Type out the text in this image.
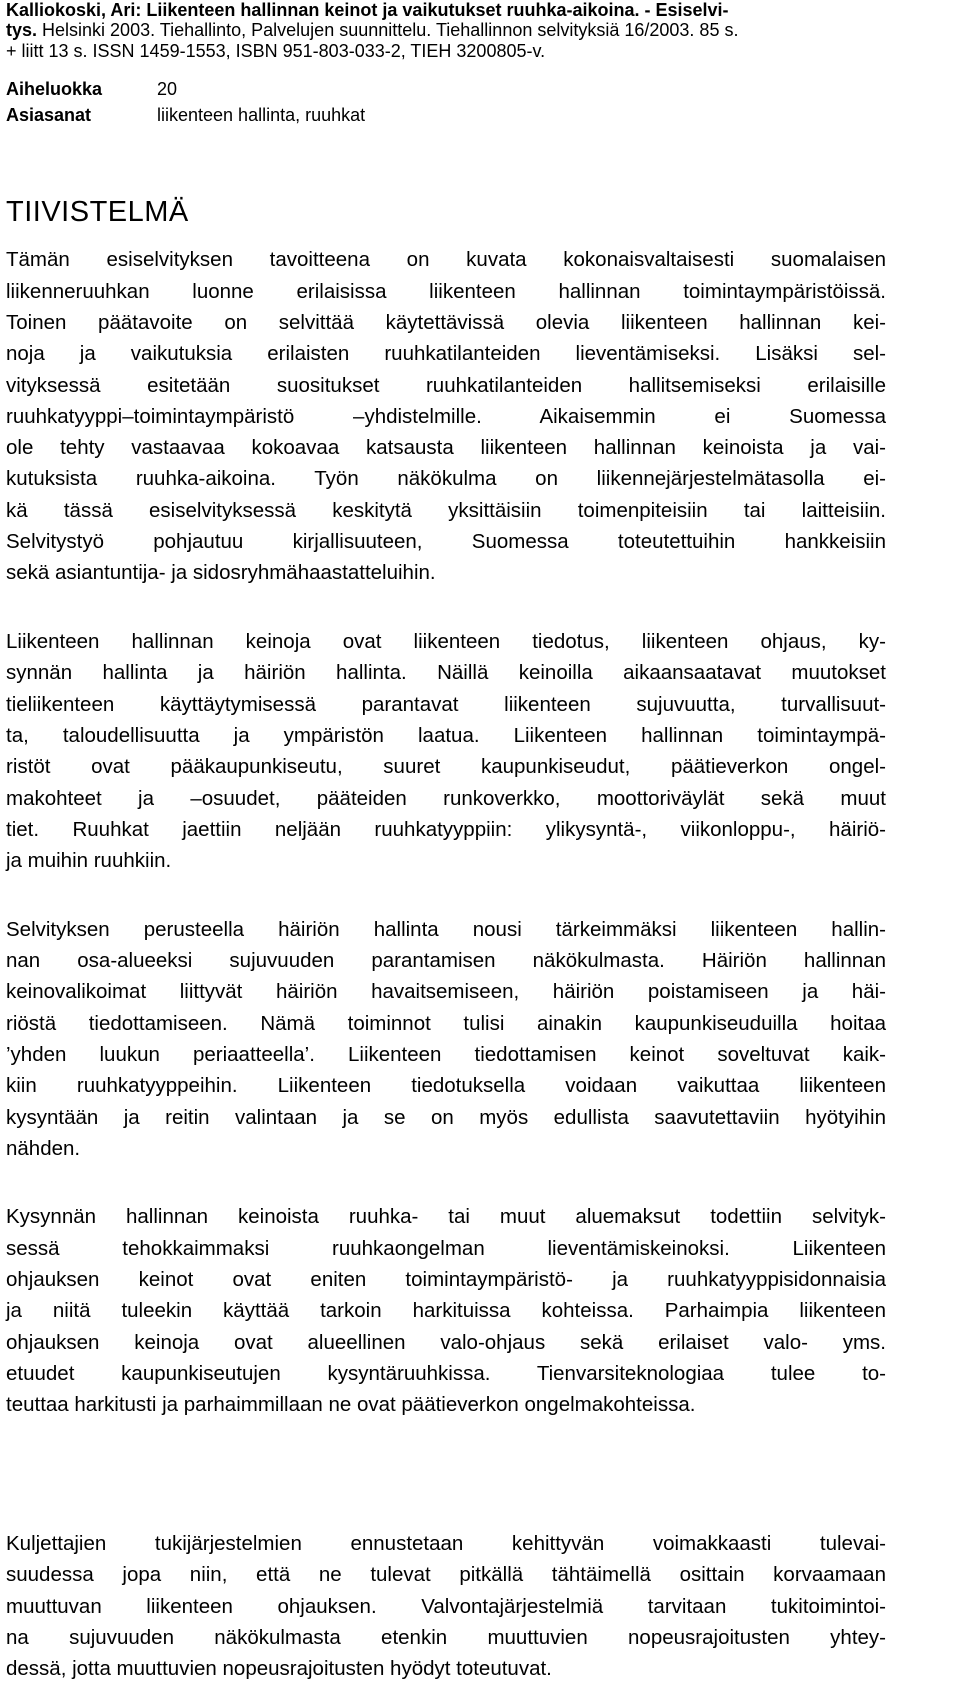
Kalliokoski, Ari: Liikenteen hallinnan keinot ja vaikutukset ruuhka-aikoina. - Esiselvi-
tys. Helsinki 2003. Tiehallinto, Palvelujen suunnittelu. Tiehallinnon selvityksiä 16/2003. 85 s.
+ liitt 13 s. ISSN 1459-1553, ISBN 951-803-033-2, TIEH 3200805-v.
Aiheluokka	20
Asiasanat	liikenteen hallinta, ruuhkat
TIIVISTELMÄ
Tämän esiselvityksen tavoitteena on kuvata kokonaisvaltaisesti suomalaisen
liikenneruuhkan luonne erilaisissa liikenteen hallinnan toimintaympäristöissä.
Toinen päätavoite on selvittää käytettävissä olevia liikenteen hallinnan kei-
noja ja vaikutuksia erilaisten ruuhkatilanteiden lieventämiseksi. Lisäksi sel-
vityksessä esitetään suositukset ruuhkatilanteiden hallitsemiseksi erilaisille
ruuhkatyyppi–toimintaympäristö –yhdistelmille. Aikaisemmin ei Suomessa
ole tehty vastaavaa kokoavaa katsausta liikenteen hallinnan keinoista ja vai-
kutuksista ruuhka-aikoina. Työn näkökulma on liikennejärjestelmätasolla ei-
kä tässä esiselvityksessä keskitytä yksittäisiin toimenpiteisiin tai laitteisiin.
Selvitystyö pohjautuu kirjallisuuteen, Suomessa toteutettuihin hankkeisiin
sekä asiantuntija- ja sidosryhmähaastatteluihin.
Liikenteen hallinnan keinoja ovat liikenteen tiedotus, liikenteen ohjaus, ky-
synnän hallinta ja häiriön hallinta. Näillä keinoilla aikaansaatavat muutokset
tieliikenteen käyttäytymisessä parantavat liikenteen sujuvuutta, turvallisuut-
ta, taloudellisuutta ja ympäristön laatua. Liikenteen hallinnan toimintaympä-
ristöt ovat pääkaupunkiseutu, suuret kaupunkiseudut, päätieverkon ongel-
makohteet ja –osuudet, pääteiden runkoverkko, moottoriväylät sekä muut
tiet. Ruuhkat jaettiin neljään ruuhkatyyppiin: ylikysyntä-, viikonloppu-, häiriö-
ja muihin ruuhkiin.
Selvityksen perusteella häiriön hallinta nousi tärkeimmäksi liikenteen hallin-
nan osa-alueeksi sujuvuuden parantamisen näkökulmasta. Häiriön hallinnan
keinovalikoimat liittyvät häiriön havaitsemiseen, häiriön poistamiseen ja häi-
riöstä tiedottamiseen. Nämä toiminnot tulisi ainakin kaupunkiseuduilla hoitaa
’yhden luukun periaatteella’. Liikenteen tiedottamisen keinot soveltuvat kaik-
kiin ruuhkatyyppeihin. Liikenteen tiedotuksella voidaan vaikuttaa liikenteen
kysyntään ja reitin valintaan ja se on myös edullista saavutettaviin hyötyihin
nähden.
Kysynnän hallinnan keinoista ruuhka- tai muut aluemaksut todettiin selvityk-
sessä tehokkaimmaksi ruuhkaongelman lieventämiskeinoksi. Liikenteen
ohjauksen keinot ovat eniten toimintaympäristö- ja ruuhkatyyppisidonnaisia
ja niitä tuleekin käyttää tarkoin harkituissa kohteissa. Parhaimpia liikenteen
ohjauksen keinoja ovat alueellinen valo-ohjaus sekä erilaiset valo- yms.
etuudet kaupunkiseutujen kysyntäruuhkissa. Tienvarsiteknologiaa tulee to-
teuttaa harkitusti ja parhaimmillaan ne ovat päätieverkon ongelmakohteissa.
Kuljettajien tukijärjestelmien ennustetaan kehittyvän voimakkaasti tulevai-
suudessa jopa niin, että ne tulevat pitkällä tähtäimellä osittain korvaamaan
muuttuvan liikenteen ohjauksen. Valvontajärjestelmiä tarvitaan tukitoimintoi-
na sujuvuuden näkökulmasta etenkin muuttuvien nopeusrajoitusten yhtey-
dessä, jotta muuttuvien nopeusrajoitusten hyödyt toteutuvat.
